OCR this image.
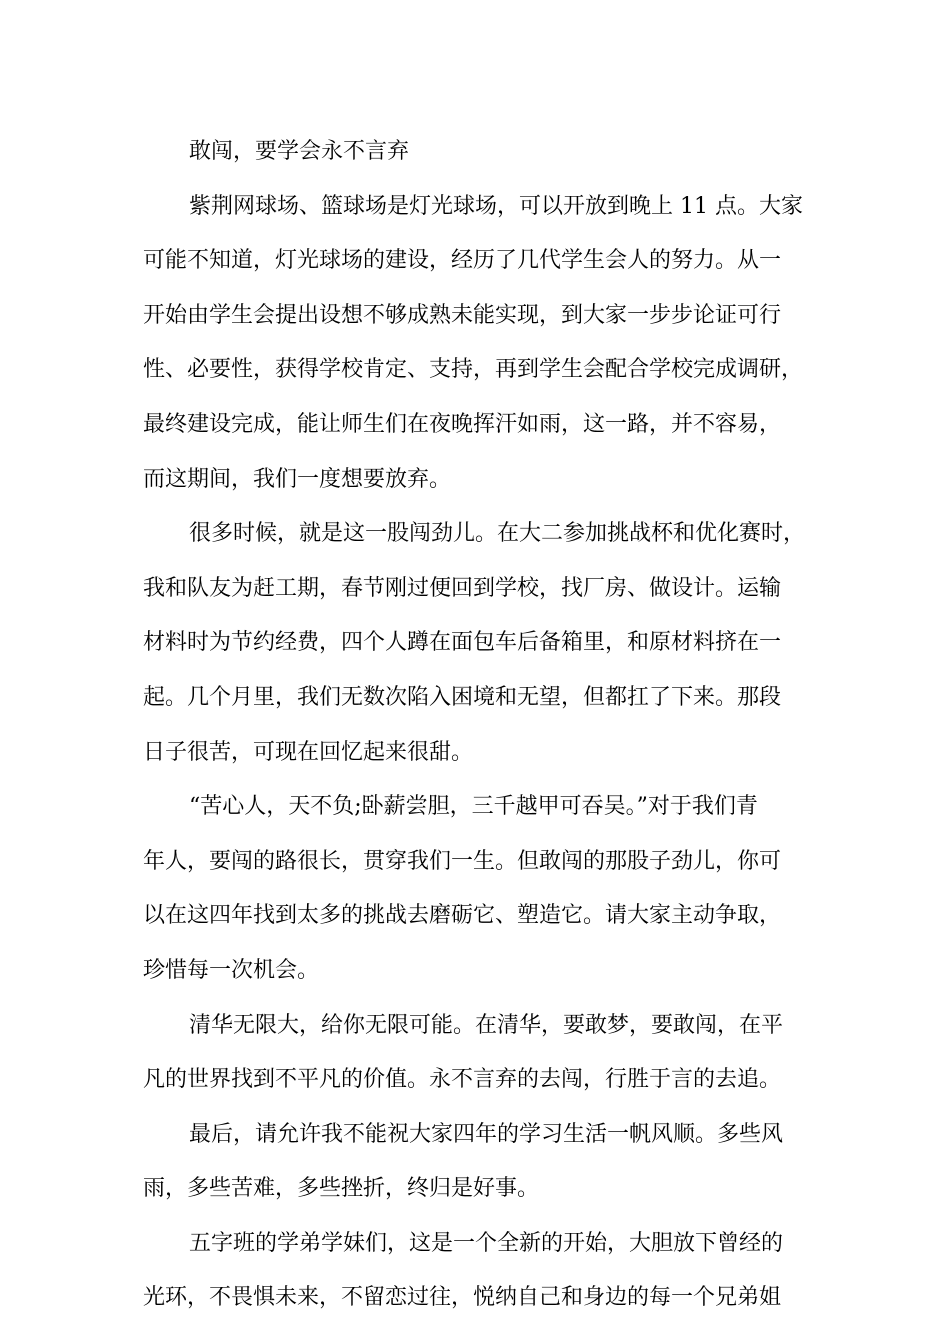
敢闯，要学会永不言弃
紫荆网球场、篮球场是灯光球场，可以开放到晚上 11 点。大家
可能不知道，灯光球场的建设，经历了几代学生会人的努力。从一
开始由学生会提出设想不够成熟未能实现，到大家一步步论证可行
性、必要性，获得学校肯定、支持，再到学生会配合学校完成调研，
最终建设完成，能让师生们在夜晚挥汗如雨，这一路，并不容易，
而这期间，我们一度想要放弃。
很多时候，就是这一股闯劲儿。在大二参加挑战杯和优化赛时，
我和队友为赶工期，春节刚过便回到学校，找厂房、做设计。运输
材料时为节约经费，四个人蹲在面包车后备箱里，和原材料挤在一
起。几个月里，我们无数次陷入困境和无望，但都扛了下来。那段
日子很苦，可现在回忆起来很甜。
“苦心人，天不负;卧薪尝胆，三千越甲可吞吴。”对于我们青
年人，要闯的路很长，贯穿我们一生。但敢闯的那股子劲儿，你可
以在这四年找到太多的挑战去磨砺它、塑造它。请大家主动争取，
珍惜每一次机会。
清华无限大，给你无限可能。在清华，要敢梦，要敢闯，在平
凡的世界找到不平凡的价值。永不言弃的去闯，行胜于言的去追。
最后，请允许我不能祝大家四年的学习生活一帆风顺。多些风
雨，多些苦难，多些挫折，终归是好事。
五字班的学弟学妹们，这是一个全新的开始，大胆放下曾经的
光环，不畏惧未来，不留恋过往，悦纳自己和身边的每一个兄弟姐
